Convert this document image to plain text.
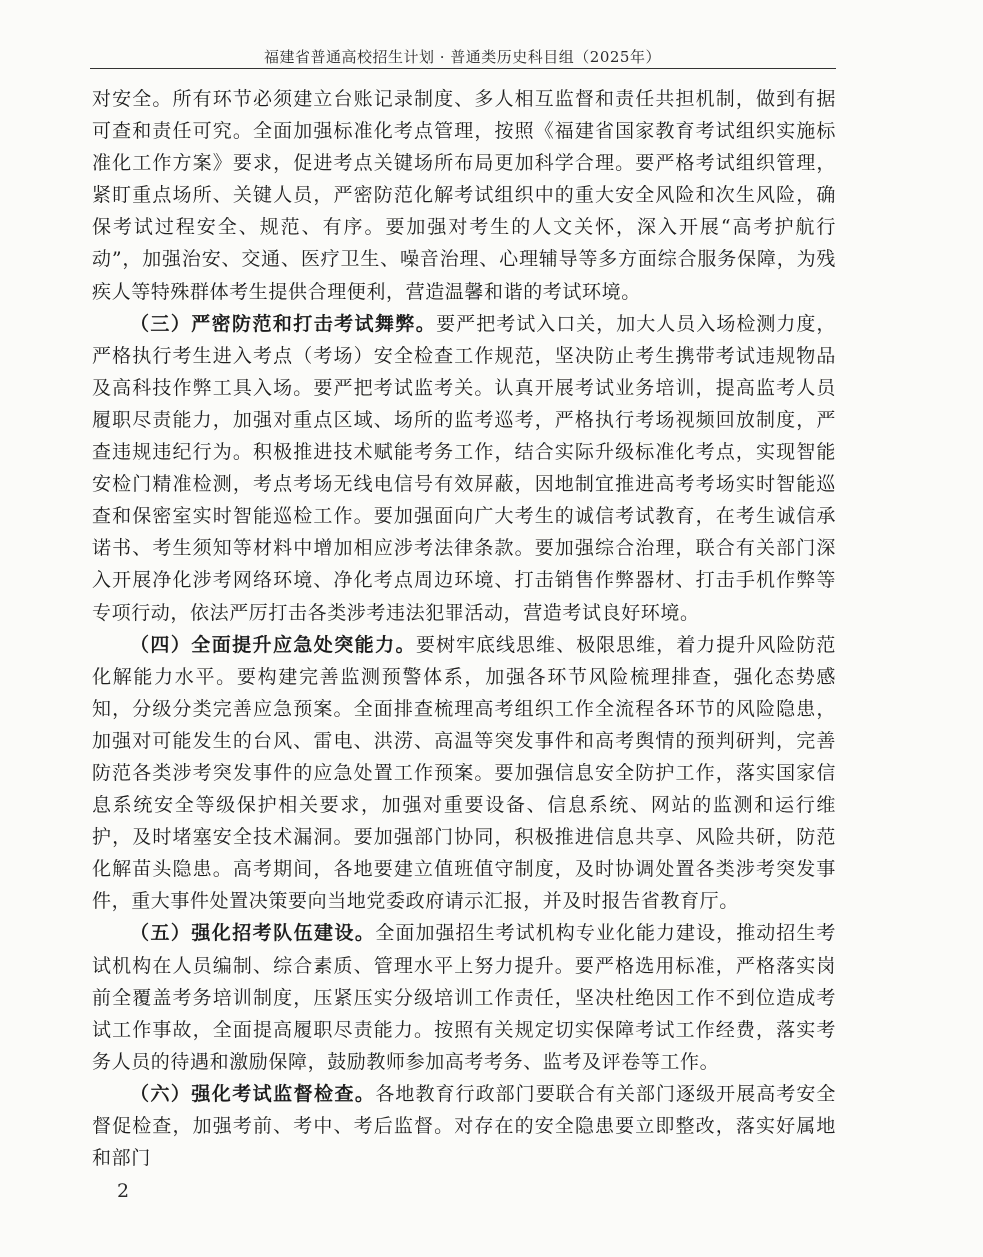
福建省普通高校招生计划 · 普通类历史科目组（2025年）

对安全。所有环节必须建立台账记录制度、多人相互监督和责任共担机制，做到有据可查和责任可究。全面加强标准化考点管理，按照《福建省国家教育考试组织实施标准化工作方案》要求，促进考点关键场所布局更加科学合理。要严格考试组织管理，紧盯重点场所、关键人员，严密防范化解考试组织中的重大安全风险和次生风险，确保考试过程安全、规范、有序。要加强对考生的人文关怀，深入开展“高考护航行动”，加强治安、交通、医疗卫生、噪音治理、心理辅导等多方面综合服务保障，为残疾人等特殊群体考生提供合理便利，营造温馨和谐的考试环境。

（三）严密防范和打击考试舞弊。要严把考试入口关，加大人员入场检测力度，严格执行考生进入考点（考场）安全检查工作规范，坚决防止考生携带考试违规物品及高科技作弊工具入场。要严把考试监考关。认真开展考试业务培训，提高监考人员履职尽责能力，加强对重点区域、场所的监考巡考，严格执行考场视频回放制度，严查违规违纪行为。积极推进技术赋能考务工作，结合实际升级标准化考点，实现智能安检门精准检测，考点考场无线电信号有效屏蔽，因地制宜推进高考考场实时智能巡查和保密室实时智能巡检工作。要加强面向广大考生的诚信考试教育，在考生诚信承诺书、考生须知等材料中增加相应涉考法律条款。要加强综合治理，联合有关部门深入开展净化涉考网络环境、净化考点周边环境、打击销售作弊器材、打击手机作弊等专项行动，依法严厉打击各类涉考违法犯罪活动，营造考试良好环境。

（四）全面提升应急处突能力。要树牢底线思维、极限思维，着力提升风险防范化解能力水平。要构建完善监测预警体系，加强各环节风险梳理排查，强化态势感知，分级分类完善应急预案。全面排查梳理高考组织工作全流程各环节的风险隐患，加强对可能发生的台风、雷电、洪涝、高温等突发事件和高考舆情的预判研判，完善防范各类涉考突发事件的应急处置工作预案。要加强信息安全防护工作，落实国家信息系统安全等级保护相关要求，加强对重要设备、信息系统、网站的监测和运行维护，及时堵塞安全技术漏洞。要加强部门协同，积极推进信息共享、风险共研，防范化解苗头隐患。高考期间，各地要建立值班值守制度，及时协调处置各类涉考突发事件，重大事件处置决策要向当地党委政府请示汇报，并及时报告省教育厅。

（五）强化招考队伍建设。全面加强招生考试机构专业化能力建设，推动招生考试机构在人员编制、综合素质、管理水平上努力提升。要严格选用标准，严格落实岗前全覆盖考务培训制度，压紧压实分级培训工作责任，坚决杜绝因工作不到位造成考试工作事故，全面提高履职尽责能力。按照有关规定切实保障考试工作经费，落实考务人员的待遇和激励保障，鼓励教师参加高考考务、监考及评卷等工作。

（六）强化考试监督检查。各地教育行政部门要联合有关部门逐级开展高考安全督促检查，加强考前、考中、考后监督。对存在的安全隐患要立即整改，落实好属地和部门

2
